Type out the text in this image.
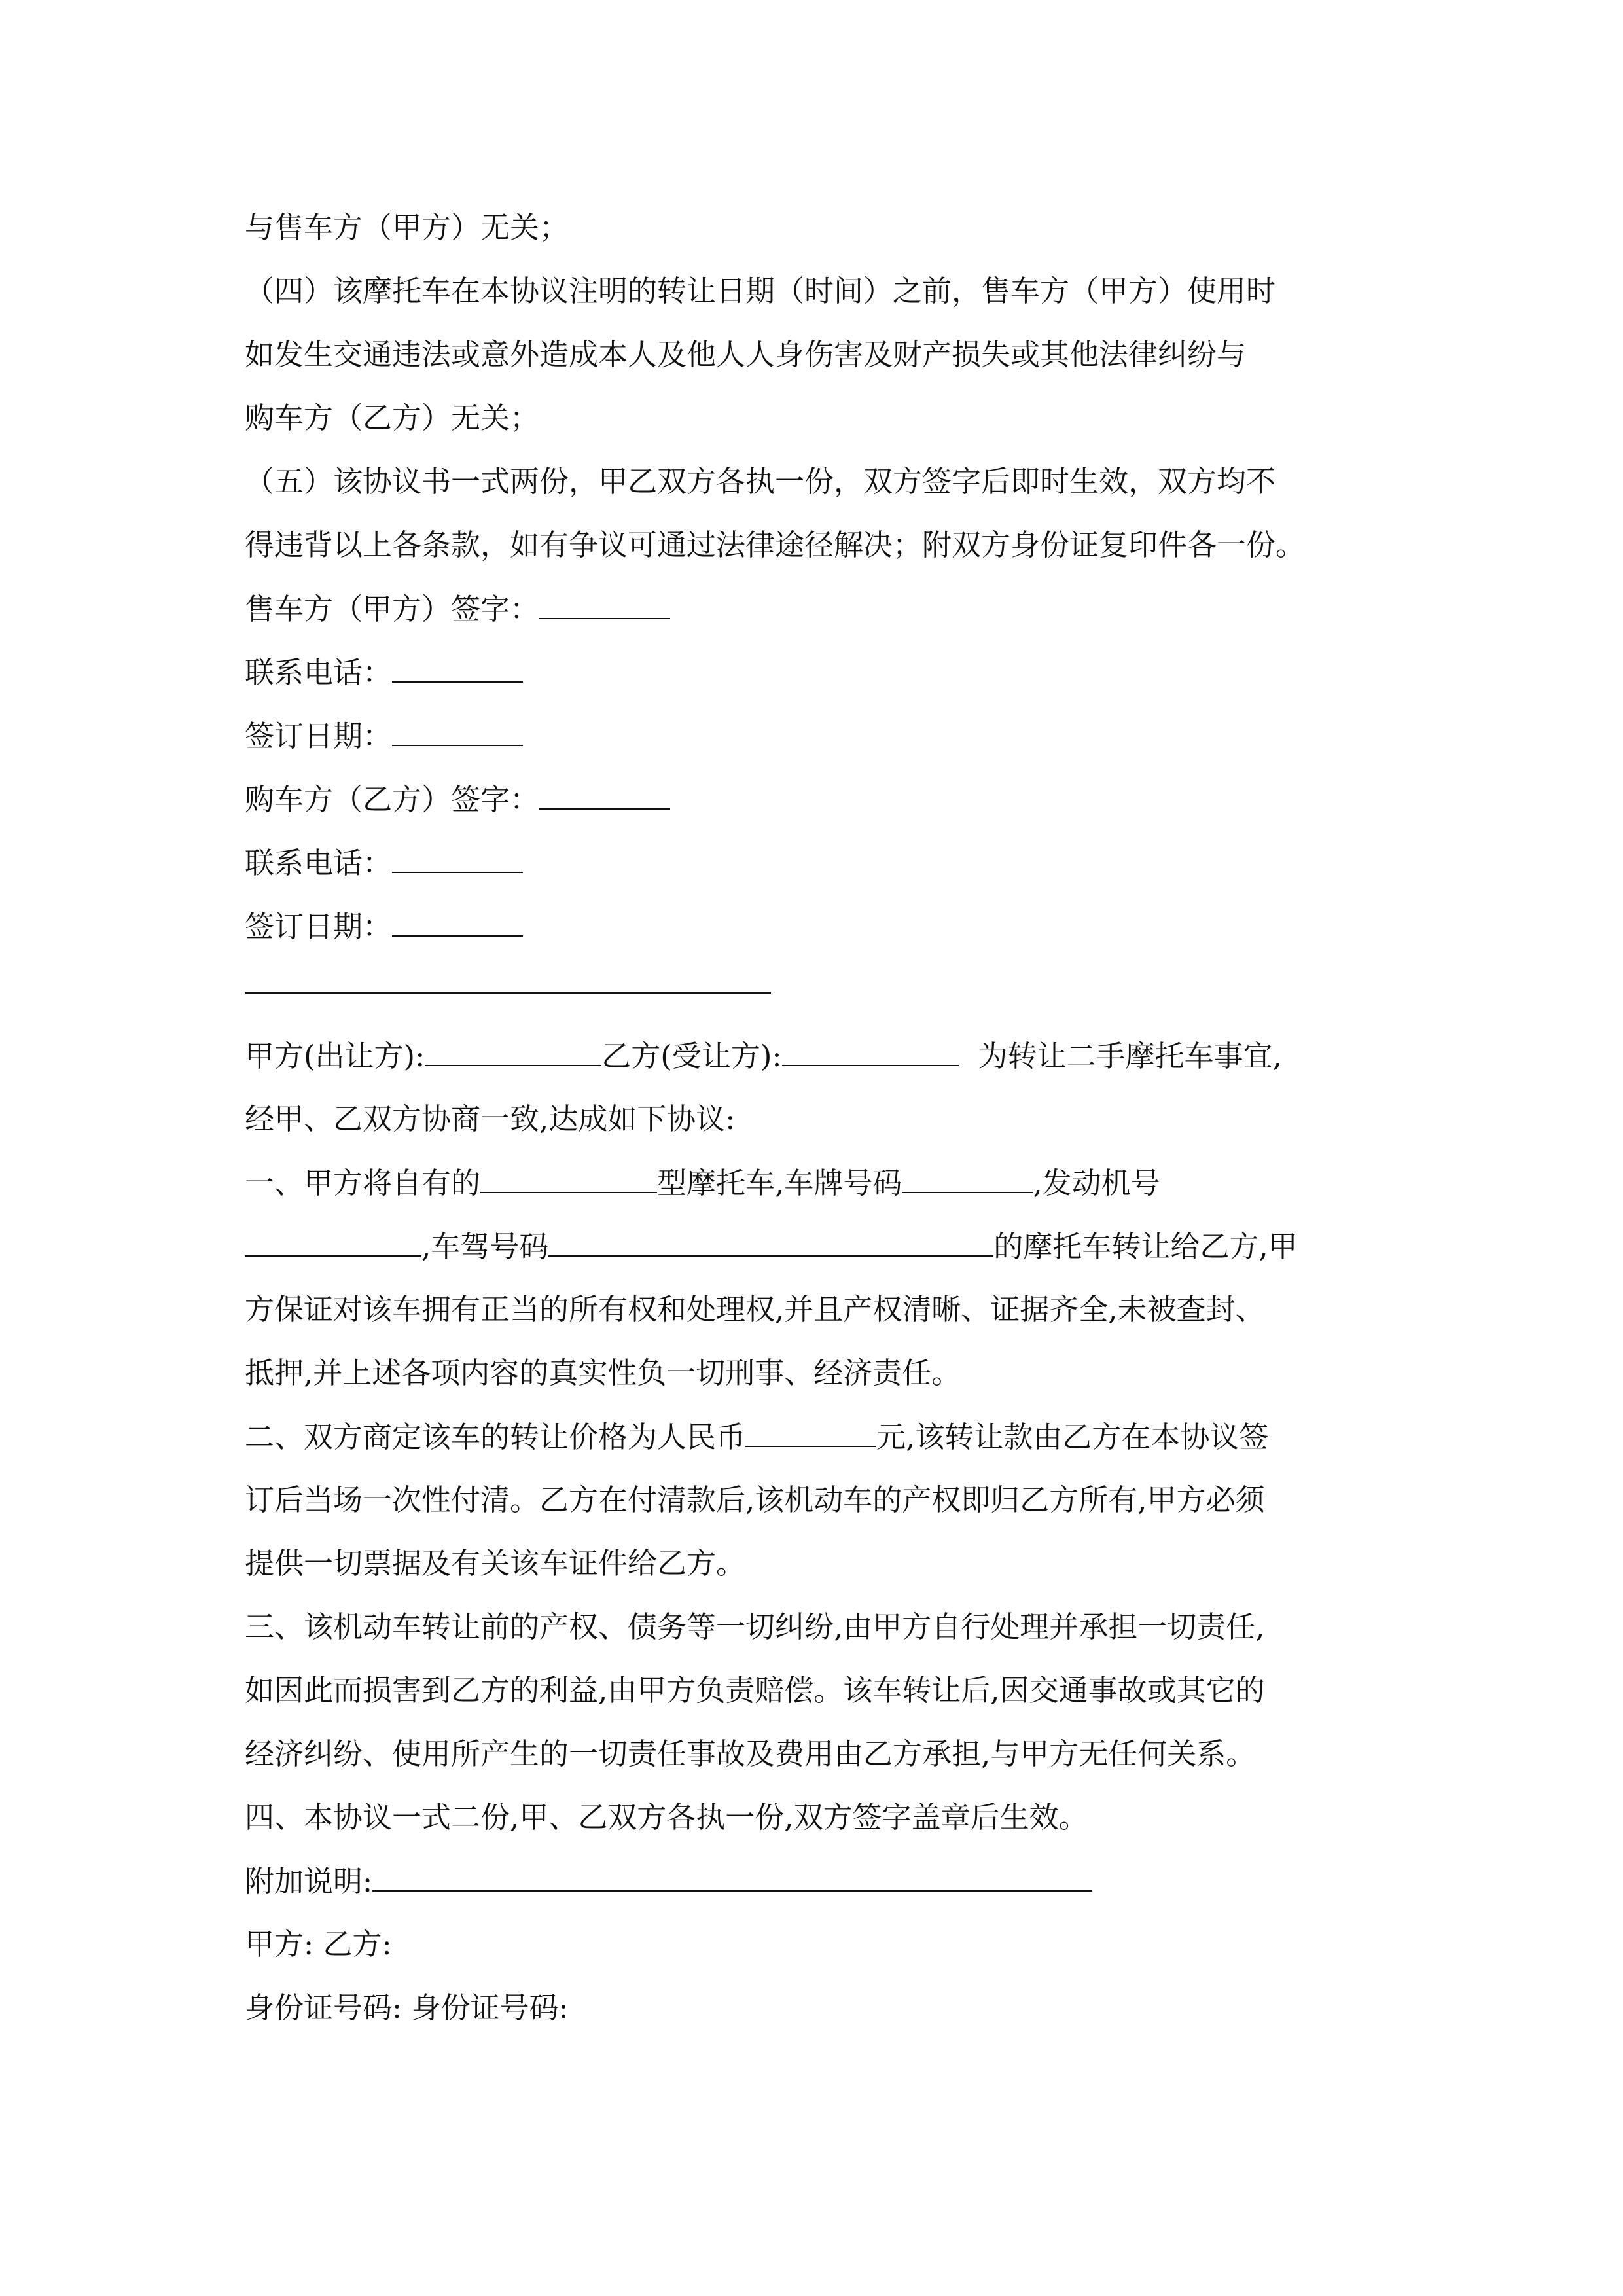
与售车方（甲方）无关；
（四）该摩托车在本协议注明的转让日期（时间）之前，售车方（甲方）使用时
如发生交通违法或意外造成本人及他人人身伤害及财产损失或其他法律纠纷与
购车方（乙方）无关；
（五）该协议书一式两份，甲乙双方各执一份，双方签字后即时生效，双方均不
得违背以上各条款，如有争议可通过法律途径解决；附双方身份证复印件各一份。
售车方（甲方）签字：
联系电话：
签订日期：
购车方（乙方）签字：
联系电话：
签订日期：
甲方(出让方):	乙方(受让方):	为转让二手摩托车事宜,
经甲、乙双方协商一致,达成如下协议:
一、甲方将自有的	型摩托车,车牌号码	,发动机号
,车驾号码	的摩托车转让给乙方,甲
方保证对该车拥有正当的所有权和处理权,并且产权清晰、证据齐全,未被查封、
抵押,并上述各项内容的真实性负一切刑事、经济责任。
二、双方商定该车的转让价格为人民币	元,该转让款由乙方在本协议签
订后当场一次性付清。乙方在付清款后,该机动车的产权即归乙方所有,甲方必须
提供一切票据及有关该车证件给乙方。
三、该机动车转让前的产权、债务等一切纠纷,由甲方自行处理并承担一切责任,
如因此而损害到乙方的利益,由甲方负责赔偿。该车转让后,因交通事故或其它的
经济纠纷、使用所产生的一切责任事故及费用由乙方承担,与甲方无任何关系。
四、本协议一式二份,甲、乙双方各执一份,双方签字盖章后生效。
附加说明:
甲方: 乙方:
身份证号码: 身份证号码:
